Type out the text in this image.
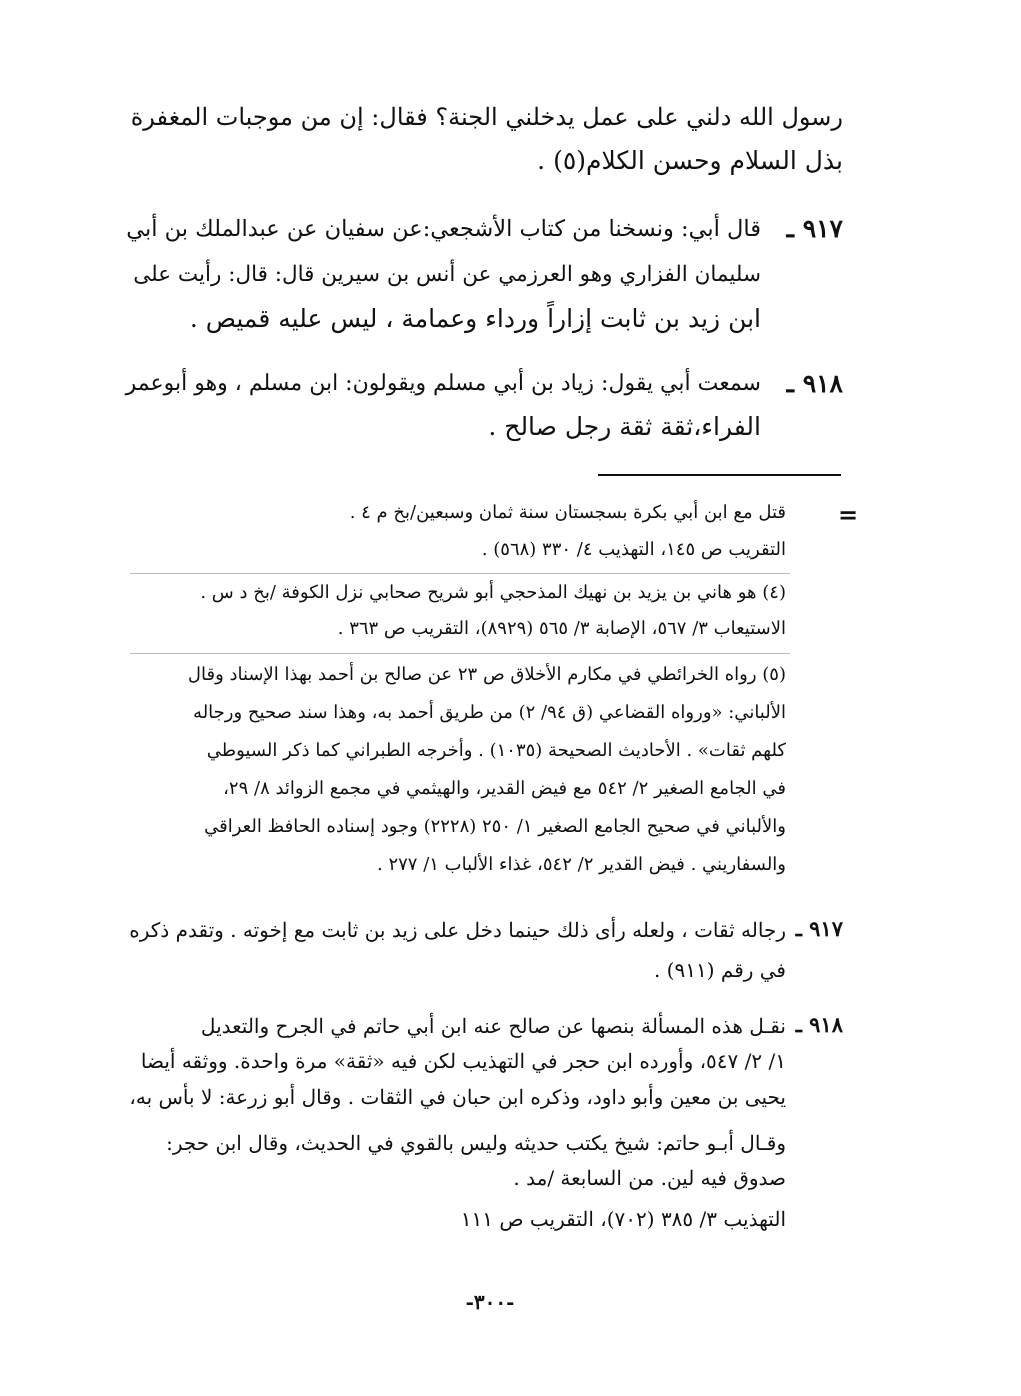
رسول الله دلني على عمل يدخلني الجنة؟ فقال: إن من موجبات المغفرة
بذل السلام وحسن الكلام(٥) .
٩١٧ ـ
قال أبي: ونسخنا من كتاب الأشجعي:عن سفيان عن عبدالملك بن أبي
سليمان الفزاري وهو العرزمي عن أنس بن سيرين قال: قال: رأيت على
ابن زيد بن ثابت إزاراً ورداء وعمامة ، ليس عليه قميص .
٩١٨ ـ
سمعت أبي يقول: زياد بن أبي مسلم ويقولون: ابن مسلم ، وهو أبوعمر
الفراء،ثقة ثقة رجل صالح .
=
قتل مع ابن أبي بكرة بسجستان سنة ثمان وسبعين/بخ م ٤ .
التقريب ص ١٤٥، التهذيب ٤/ ٣٣٠ (٥٦٨) .
(٤) هو هاني بن يزيد بن نهيك المذحجي أبو شريح صحابي نزل الكوفة /بخ د س .
الاستيعاب ٣/ ٥٦٧، الإصابة ٣/ ٥٦٥ (٨٩٢٩)، التقريب ص ٣٦٣ .
(٥) رواه الخرائطي في مكارم الأخلاق ص ٢٣ عن صالح بن أحمد بهذا الإسناد وقال
الألباني: «ورواه القضاعي (ق ٩٤/ ٢) من طريق أحمد به، وهذا سند صحيح ورجاله
كلهم ثقات» . الأحاديث الصحيحة (١٠٣٥) . وأخرجه الطبراني كما ذكر السيوطي
في الجامع الصغير ٢/ ٥٤٢ مع فيض القدير، والهيثمي في مجمع الزوائد ٨/ ٢٩،
والألباني في صحيح الجامع الصغير ١/ ٢٥٠ (٢٢٢٨) وجود إسناده الحافظ العراقي
والسفاريني . فيض القدير ٢/ ٥٤٢، غذاء الألباب ١/ ٢٧٧ .
٩١٧ ـ
رجاله ثقات ، ولعله رأى ذلك حينما دخل على زيد بن ثابت مع إخوته . وتقدم ذكره
في رقم (٩١١) .
٩١٨ ـ
نقـل هذه المسألة بنصها عن صالح عنه ابن أبي حاتم في الجرح والتعديل
١/ ٢/ ٥٤٧، وأورده ابن حجر في التهذيب لكن فيه «ثقة» مرة واحدة. ووثقه أيضا
يحيى بن معين وأبو داود، وذكره ابن حبان في الثقات . وقال أبو زرعة: لا بأس به،
وقـال أبـو حاتم: شيخ يكتب حديثه وليس بالقوي في الحديث، وقال ابن حجر:
صدوق فيه لين. من السابعة /مد .
التهذيب ٣/ ٣٨٥ (٧٠٢)، التقريب ص ١١١
-٣٠٠-
